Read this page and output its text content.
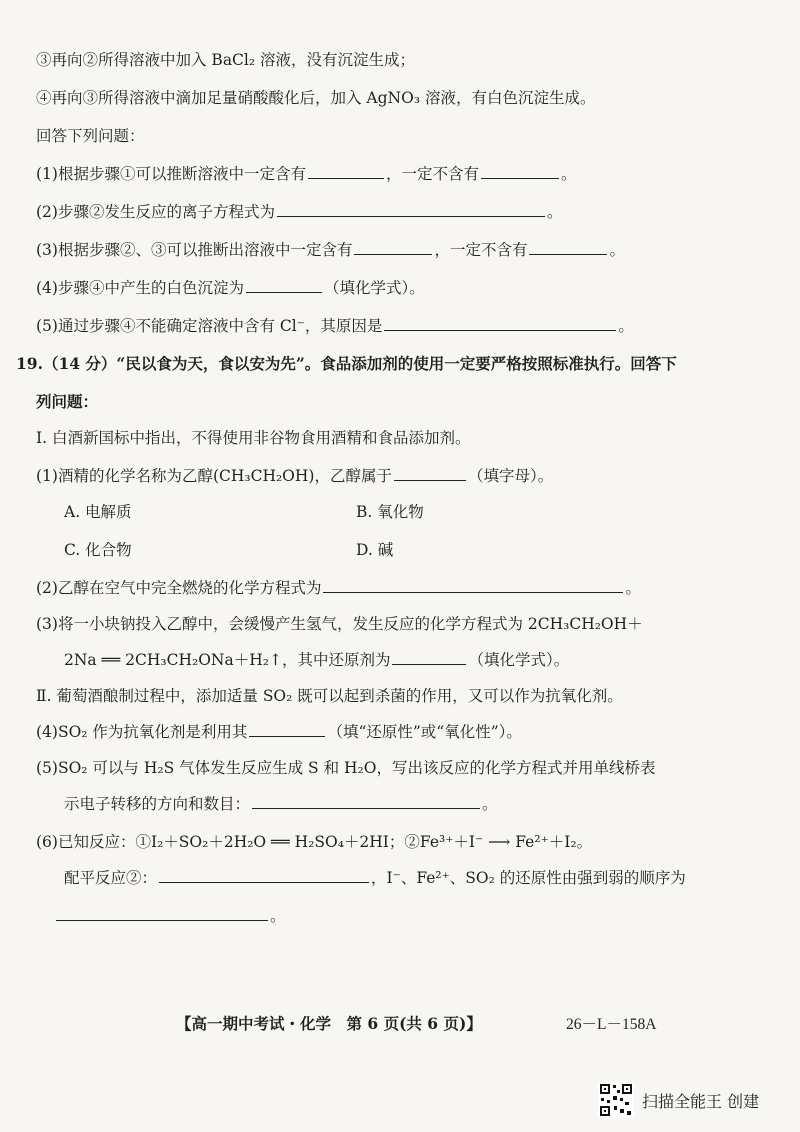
③再向②所得溶液中加入 BaCl₂ 溶液，没有沉淀生成；
④再向③所得溶液中滴加足量硝酸酸化后，加入 AgNO₃ 溶液，有白色沉淀生成。
回答下列问题：
(1)根据步骤①可以推断溶液中一定含有	，一定不含有	。
(2)步骤②发生反应的离子方程式为	。
(3)根据步骤②、③可以推断出溶液中一定含有	，一定不含有	。
(4)步骤④中产生的白色沉淀为	（填化学式）。
(5)通过步骤④不能确定溶液中含有 Cl⁻，其原因是	。
19.（14 分）“民以食为天，食以安为先”。食品添加剂的使用一定要严格按照标准执行。回答下
列问题：
Ⅰ. 白酒新国标中指出，不得使用非谷物食用酒精和食品添加剂。
(1)酒精的化学名称为乙醇(CH₃CH₂OH)，乙醇属于	（填字母）。
A. 电解质	B. 氧化物
C. 化合物	D. 碱
(2)乙醇在空气中完全燃烧的化学方程式为	。
(3)将一小块钠投入乙醇中，会缓慢产生氢气，发生反应的化学方程式为 2CH₃CH₂OH＋
2Na ══ 2CH₃CH₂ONa＋H₂↑，其中还原剂为	（填化学式）。
Ⅱ. 葡萄酒酿制过程中，添加适量 SO₂ 既可以起到杀菌的作用，又可以作为抗氧化剂。
(4)SO₂ 作为抗氧化剂是利用其	（填“还原性”或“氧化性”）。
(5)SO₂ 可以与 H₂S 气体发生反应生成 S 和 H₂O，写出该反应的化学方程式并用单线桥表
示电子转移的方向和数目：	。
(6)已知反应：①I₂＋SO₂＋2H₂O ══ H₂SO₄＋2HI；②Fe³⁺＋I⁻ ⟶ Fe²⁺＋I₂。
配平反应②：	，I⁻、Fe²⁺、SO₂ 的还原性由强到弱的顺序为
。
【高一期中考试・化学　第 6 页(共 6 页)】	26－L－158A
扫描全能王 创建
